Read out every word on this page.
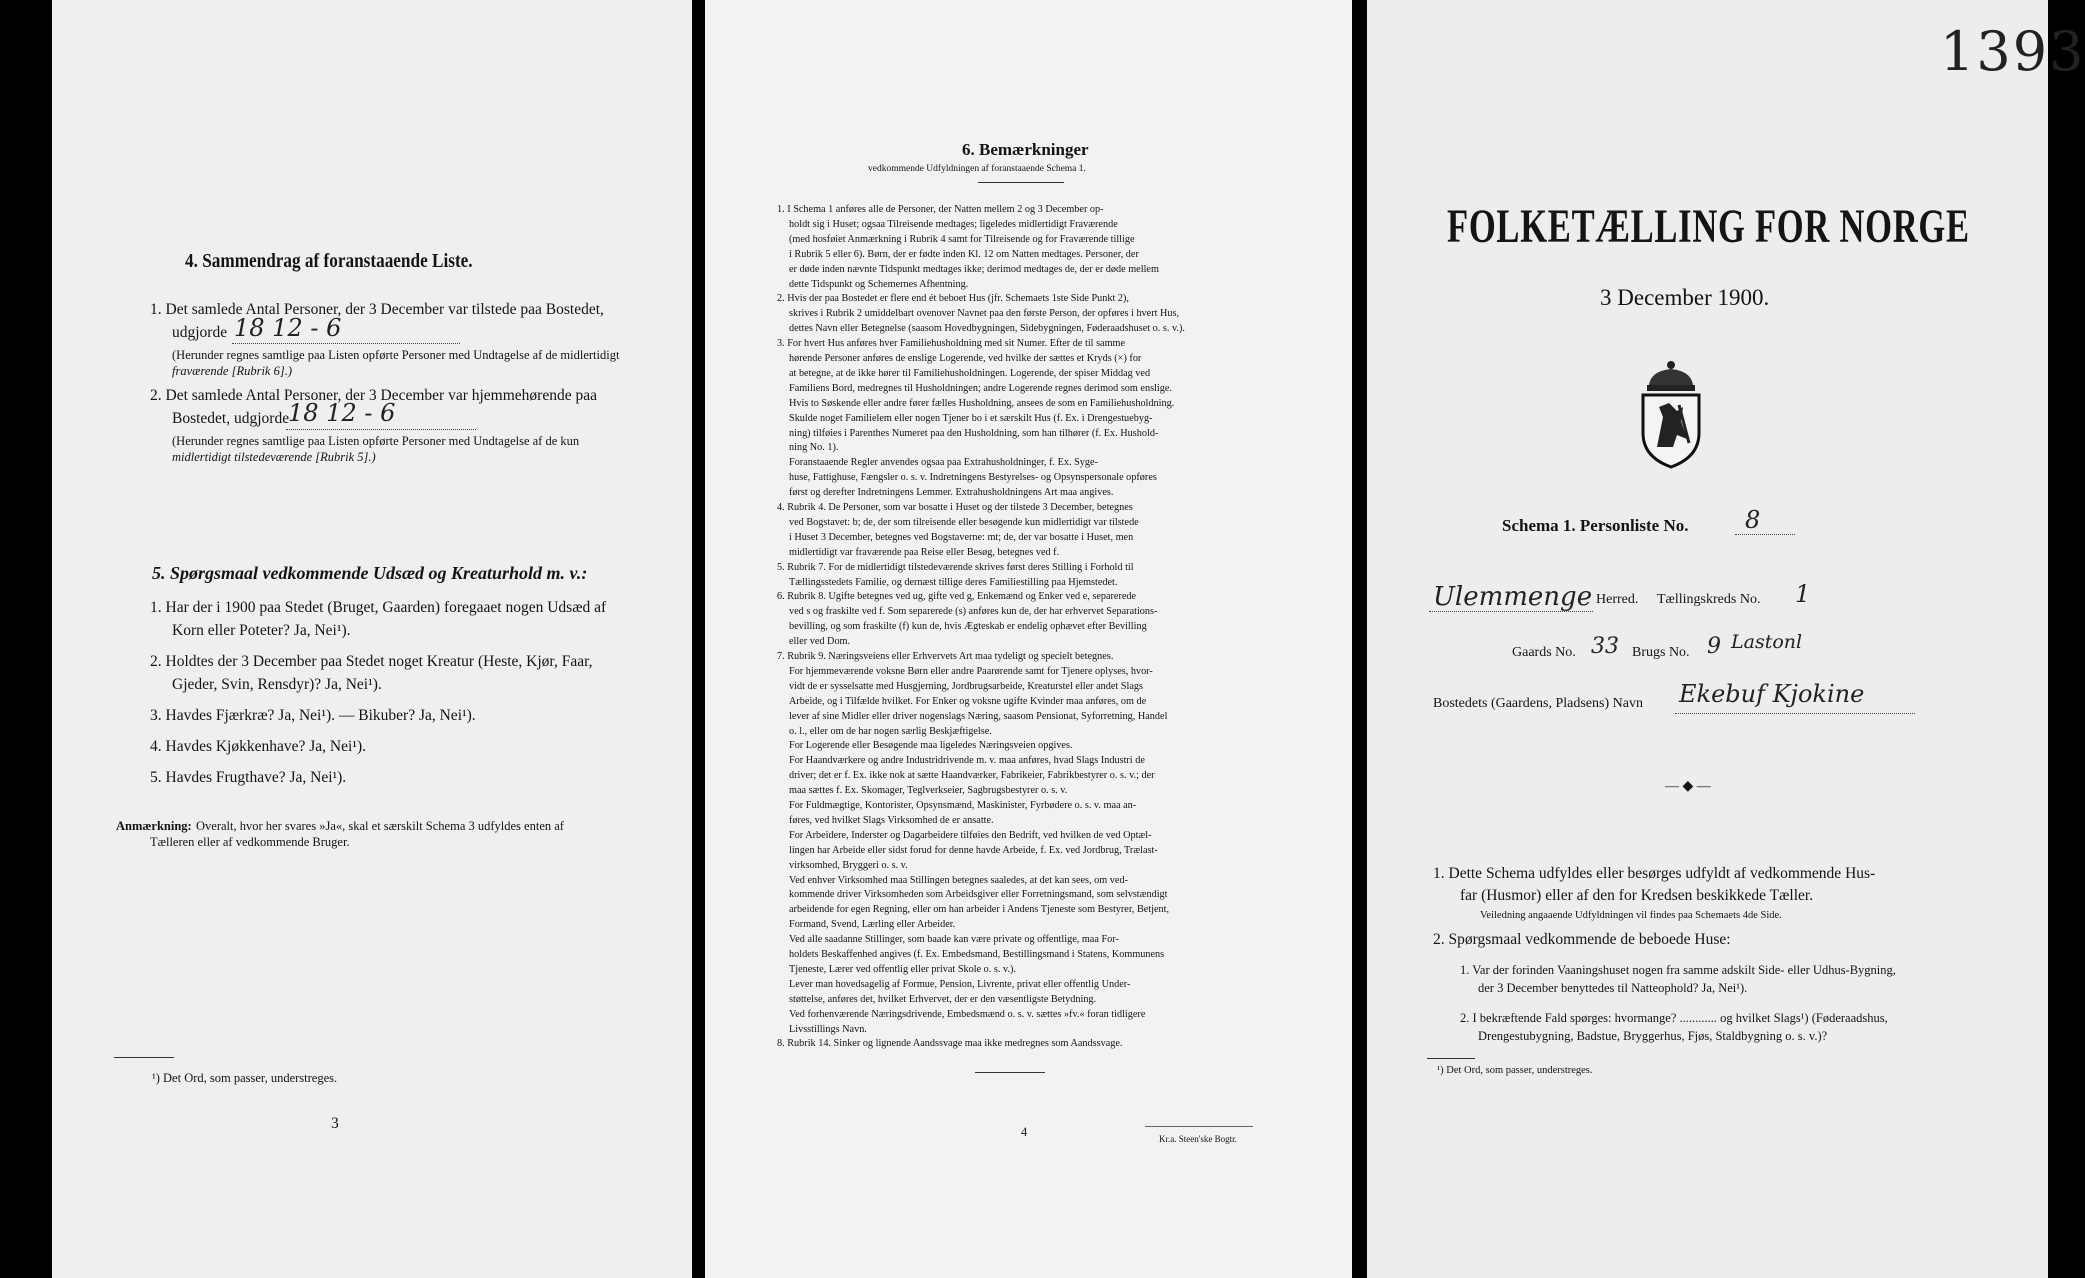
4. Sammendrag af foranstaaende Liste.
1. Det samlede Antal Personer, der 3 December var tilstede paa Bostedet,
udgjorde 18 12 - 6
(Herunder regnes samtlige paa Listen opførte Personer med Undtagelse af de midlertidigt
fraværende [Rubrik 6].)
2. Det samlede Antal Personer, der 3 December var hjemmehørende paa
Bostedet, udgjorde
18 12 - 6
(Herunder regnes samtlige paa Listen opførte Personer med Undtagelse af de kun
midlertidigt tilstedeværende [Rubrik 5].)
5. Spørgsmaal vedkommende Udsæd og Kreaturhold m. v.:
1. Har der i 1900 paa Stedet (Bruget, Gaarden) foregaaet nogen Udsæd af
Korn eller Poteter? Ja, Nei¹).
2. Holdtes der 3 December paa Stedet noget Kreatur (Heste, Kjør, Faar,
Gjeder, Svin, Rensdyr)? Ja, Nei¹).
3. Havdes Fjærkræ? Ja, Nei¹). — Bikuber? Ja, Nei¹).
4. Havdes Kjøkkenhave? Ja, Nei¹).
5. Havdes Frugthave? Ja, Nei¹).
Anmærkning: Overalt, hvor her svares »Ja«, skal et særskilt Schema 3 udfyldes enten af
Tælleren eller af vedkommende Bruger.
¹) Det Ord, som passer, understreges.
3
6. Bemærkninger
vedkommende Udfyldningen af foranstaaende Schema 1.
1. I Schema 1 anføres alle de Personer, der Natten mellem 2 og 3 December op-
holdt sig i Huset; ogsaa Tilreisende medtages; ligeledes midlertidigt Fraværende
(med hosføiet Anmærkning i Rubrik 4 samt for Tilreisende og for Fraværende tillige
i Rubrik 5 eller 6). Børn, der er fødte inden Kl. 12 om Natten medtages. Personer, der
er døde inden nævnte Tidspunkt medtages ikke; derimod medtages de, der er døde mellem
dette Tidspunkt og Schemernes Afhentning.
2. Hvis der paa Bostedet er flere end ét beboet Hus (jfr. Schemaets 1ste Side Punkt 2),
skrives i Rubrik 2 umiddelbart ovenover Navnet paa den første Person, der opføres i hvert Hus,
dettes Navn eller Betegnelse (saasom Hovedbygningen, Sidebygningen, Føderaadshuset o. s. v.).
3. For hvert Hus anføres hver Familiehusholdning med sit Numer. Efter de til samme
hørende Personer anføres de enslige Logerende, ved hvilke der sættes et Kryds (×) for
at betegne, at de ikke hører til Familiehusholdningen. Logerende, der spiser Middag ved
Familiens Bord, medregnes til Husholdningen; andre Logerende regnes derimod som enslige.
Hvis to Søskende eller andre fører fælles Husholdning, ansees de som en Familiehusholdning.
Skulde noget Familielem eller nogen Tjener bo i et særskilt Hus (f. Ex. i Drengestuebyg-
ning) tilføies i Parenthes Numeret paa den Husholdning, som han tilhører (f. Ex. Hushold-
ning No. 1).
Foranstaaende Regler anvendes ogsaa paa Extrahusholdninger, f. Ex. Syge-
huse, Fattighuse, Fængsler o. s. v. Indretningens Bestyrelses- og Opsynspersonale opføres
først og derefter Indretningens Lemmer. Extrahusholdningens Art maa angives.
4. Rubrik 4. De Personer, som var bosatte i Huset og der tilstede 3 December, betegnes
ved Bogstavet: b; de, der som tilreisende eller besøgende kun midlertidigt var tilstede
i Huset 3 December, betegnes ved Bogstaverne: mt; de, der var bosatte i Huset, men
midlertidigt var fraværende paa Reise eller Besøg, betegnes ved f.
5. Rubrik 7. For de midlertidigt tilstedeværende skrives først deres Stilling i Forhold til
Tællingsstedets Familie, og dernæst tillige deres Familiestilling paa Hjemstedet.
6. Rubrik 8. Ugifte betegnes ved ug, gifte ved g, Enkemænd og Enker ved e, separerede
ved s og fraskilte ved f. Som separerede (s) anføres kun de, der har erhvervet Separations-
bevilling, og som fraskilte (f) kun de, hvis Ægteskab er endelig ophævet efter Bevilling
eller ved Dom.
7. Rubrik 9. Næringsveiens eller Erhvervets Art maa tydeligt og specielt betegnes.
For hjemmeværende voksne Børn eller andre Paarørende samt for Tjenere oplyses, hvor-
vidt de er sysselsatte med Husgjerning, Jordbrugsarbeide, Kreaturstel eller andet Slags
Arbeide, og i Tilfælde hvilket. For Enker og voksne ugifte Kvinder maa anføres, om de
lever af sine Midler eller driver nogenslags Næring, saasom Pensionat, Syforretning, Handel
o. l., eller om de har nogen særlig Beskjæftigelse.
For Logerende eller Besøgende maa ligeledes Næringsveien opgives.
For Haandværkere og andre Industridrivende m. v. maa anføres, hvad Slags Industri de
driver; det er f. Ex. ikke nok at sætte Haandværker, Fabrikeier, Fabrikbestyrer o. s. v.; der
maa sættes f. Ex. Skomager, Teglverkseier, Sagbrugsbestyrer o. s. v.
For Fuldmægtige, Kontorister, Opsynsmænd, Maskinister, Fyrbødere o. s. v. maa an-
føres, ved hvilket Slags Virksomhed de er ansatte.
For Arbeidere, Inderster og Dagarbeidere tilføies den Bedrift, ved hvilken de ved Optæl-
lingen har Arbeide eller sidst forud for denne havde Arbeide, f. Ex. ved Jordbrug, Trælast-
virksomhed, Bryggeri o. s. v.
Ved enhver Virksomhed maa Stillingen betegnes saaledes, at det kan sees, om ved-
kommende driver Virksomheden som Arbeidsgiver eller Forretningsmand, som selvstændigt
arbeidende for egen Regning, eller om han arbeider i Andens Tjeneste som Bestyrer, Betjent,
Formand, Svend, Lærling eller Arbeider.
Ved alle saadanne Stillinger, som baade kan være private og offentlige, maa For-
holdets Beskaffenhed angives (f. Ex. Embedsmand, Bestillingsmand i Statens, Kommunens
Tjeneste, Lærer ved offentlig eller privat Skole o. s. v.).
Lever man hovedsagelig af Formue, Pension, Livrente, privat eller offentlig Under-
støttelse, anføres det, hvilket Erhvervet, der er den væsentligste Betydning.
Ved forhenværende Næringsdrivende, Embedsmænd o. s. v. sættes »fv.« foran tidligere
Livsstillings Navn.
8. Rubrik 14. Sinker og lignende Aandssvage maa ikke medregnes som Aandssvage.
4	Kr.a. Steen'ske Bogtr.
1393
FOLKETÆLLING FOR NORGE
3 December 1900.
Schema 1. Personliste No. 8
Ulemmenge Herred. Tællingskreds No. 1
Gaards No. 33 Brugs No. 9 Lastonl
Bostedets (Gaardens, Pladsens) Navn Ekebuf Kjokine
— ◆ —
1. Dette Schema udfyldes eller besørges udfyldt af vedkommende Hus-
far (Husmor) eller af den for Kredsen beskikkede Tæller.
Veiledning angaaende Udfyldningen vil findes paa Schemaets 4de Side.
2. Spørgsmaal vedkommende de beboede Huse:
1. Var der forinden Vaaningshuset nogen fra samme adskilt Side- eller Udhus-Bygning,
der 3 December benyttedes til Natteophold? Ja, Nei¹).
2. I bekræftende Fald spørges: hvormange? ............ og hvilket Slags¹) (Føderaadshus,
Drengestubygning, Badstue, Bryggerhus, Fjøs, Staldbygning o. s. v.)?
¹) Det Ord, som passer, understreges.
